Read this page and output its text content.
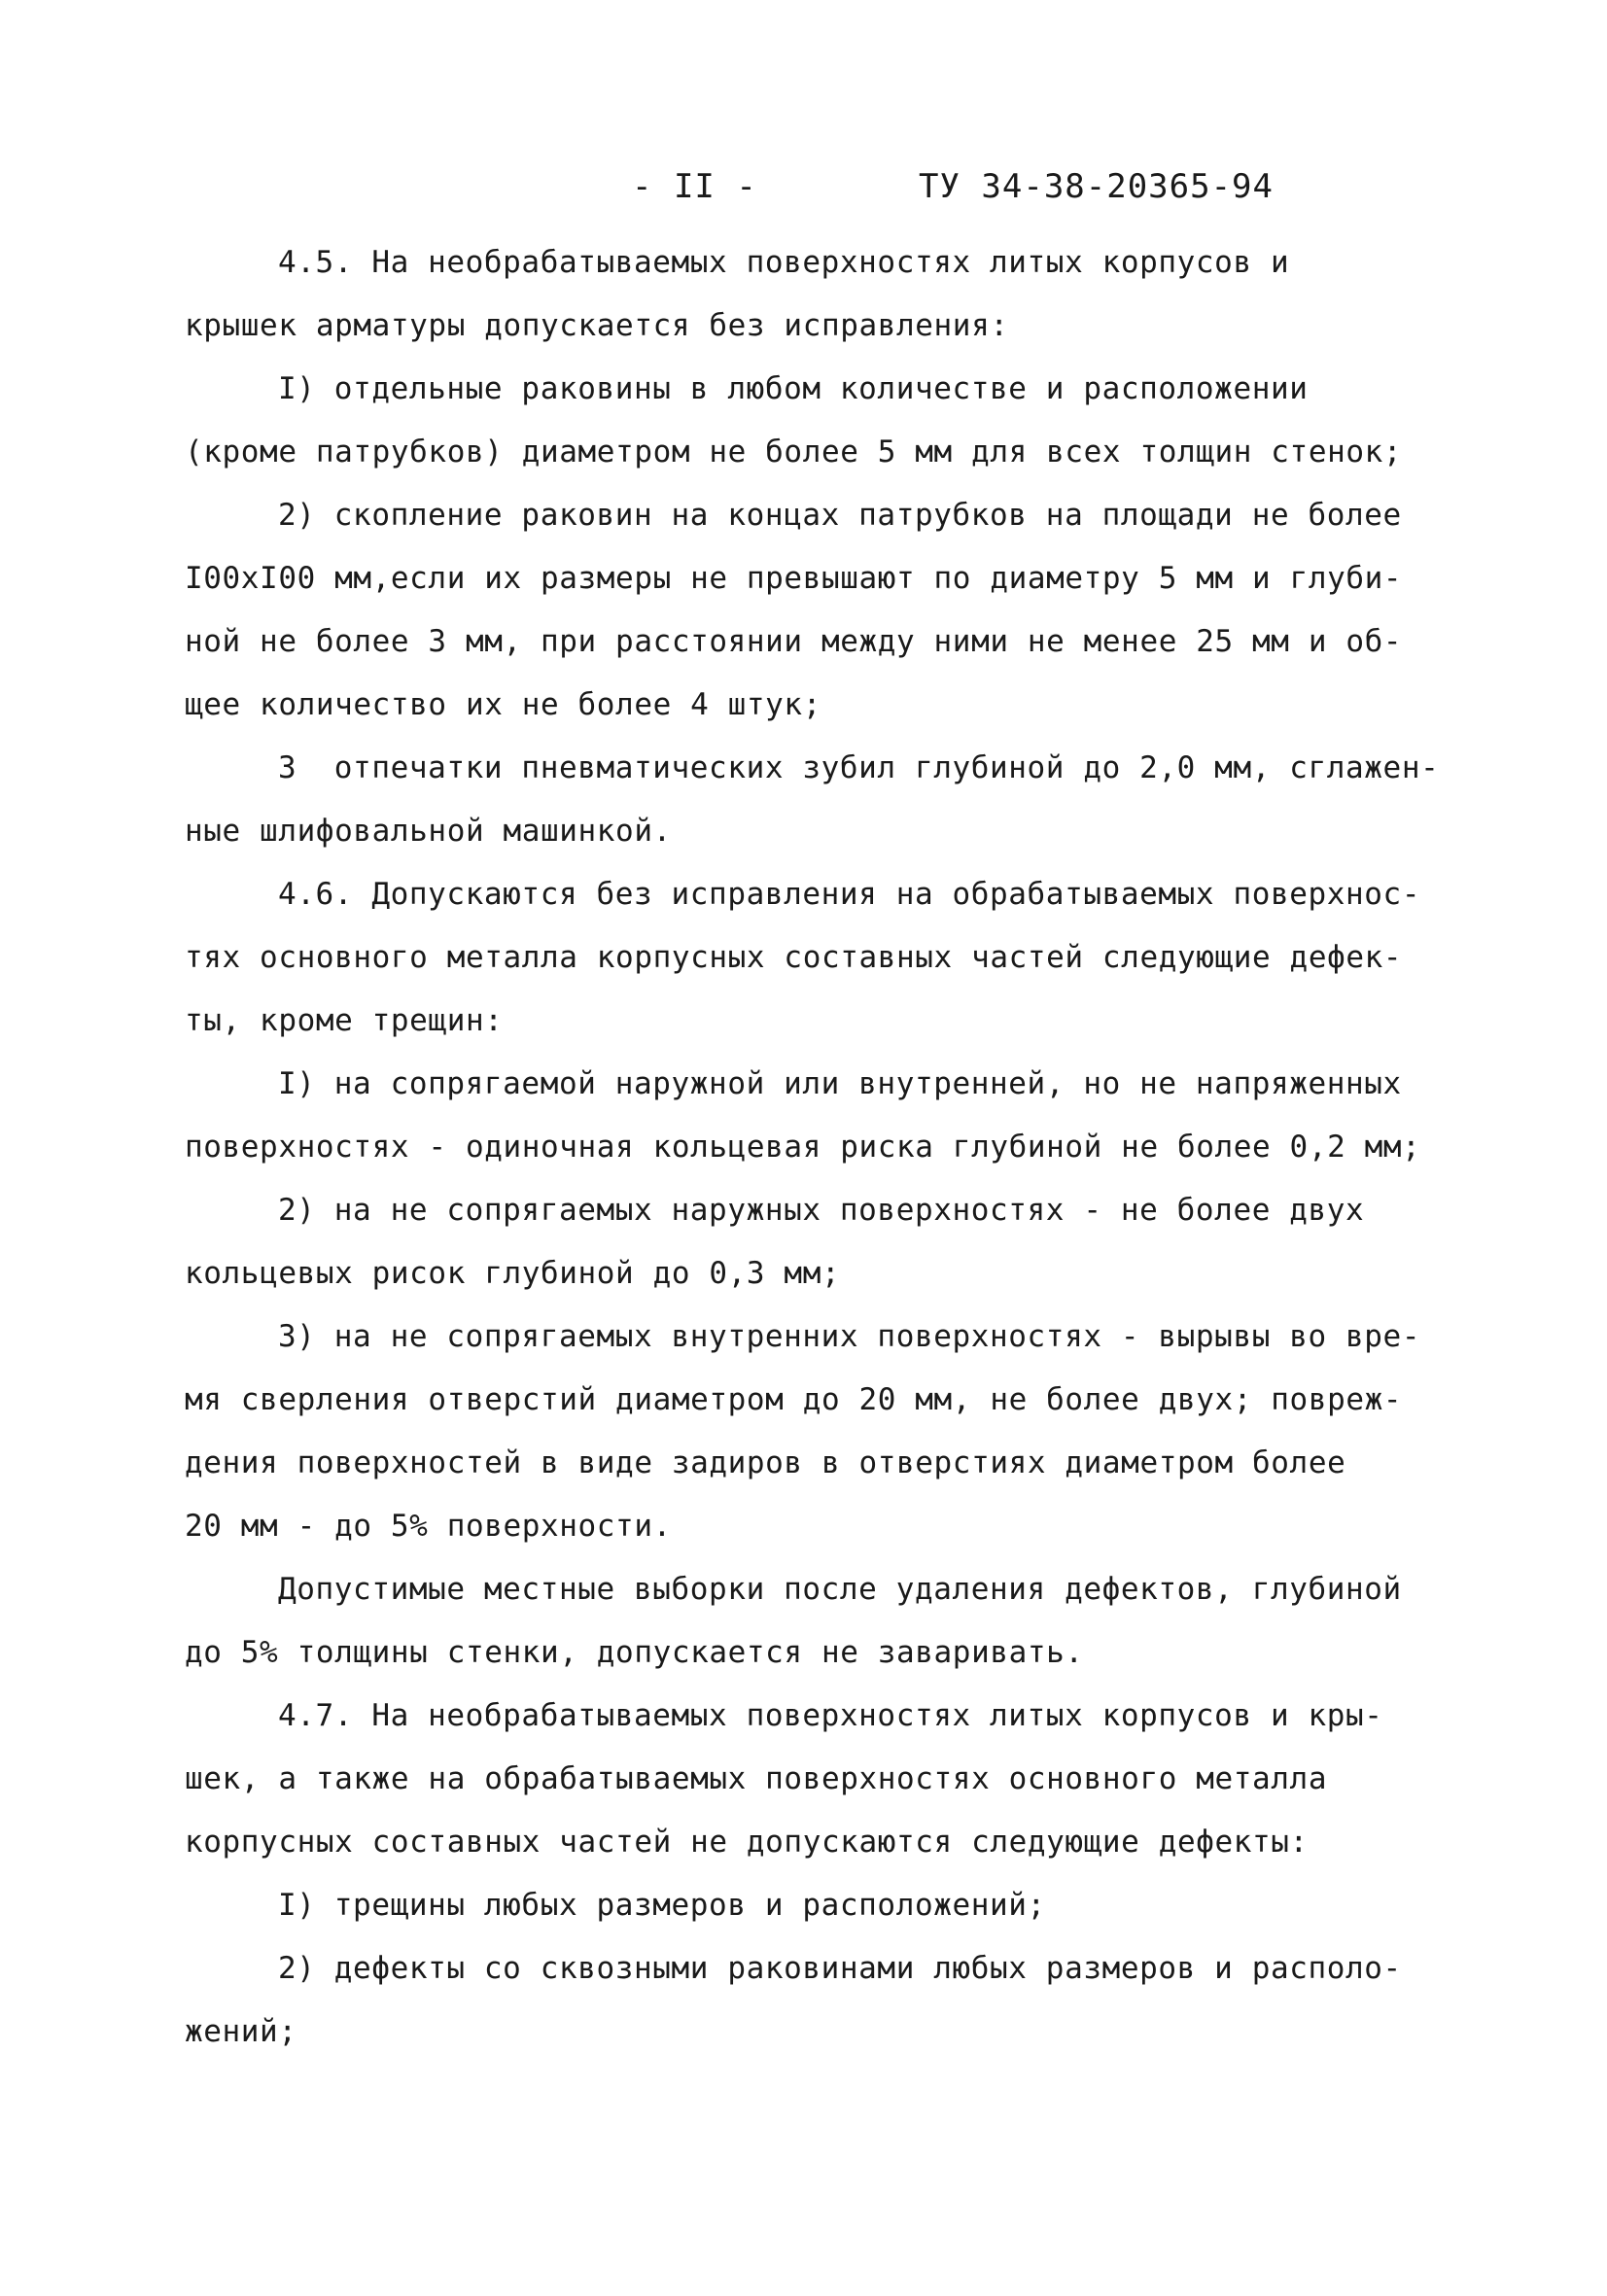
- II -	ТУ 34-38-20365-94
4.5. На необрабатываемых поверхностях литых корпусов и
крышек арматуры допускается без исправления:
I) отдельные раковины в любом количестве и расположении
(кроме патрубков) диаметром не более 5 мм для всех толщин стенок;
2) скопление раковин на концах патрубков на площади не более
I00xI00 мм,если их размеры не превышают по диаметру 5 мм и глуби-
ной не более 3 мм, при расстоянии между ними не менее 25 мм и об-
щее количество их не более 4 штук;
3  отпечатки пневматических зубил глубиной до 2,0 мм, сглажен-
ные шлифовальной машинкой.
4.6. Допускаются без исправления на обрабатываемых поверхнос-
тях основного металла корпусных составных частей следующие дефек-
ты, кроме трещин:
I) на сопрягаемой наружной или внутренней, но не напряженных
поверхностях - одиночная кольцевая риска глубиной не более 0,2 мм;
2) на не сопрягаемых наружных поверхностях - не более двух
кольцевых рисок глубиной до 0,3 мм;
3) на не сопрягаемых внутренних поверхностях - вырывы во вре-
мя сверления отверстий диаметром до 20 мм, не более двух; повреж-
дения поверхностей в виде задиров в отверстиях диаметром более
20 мм - до 5% поверхности.
Допустимые местные выборки после удаления дефектов, глубиной
до 5% толщины стенки, допускается не заваривать.
4.7. На необрабатываемых поверхностях литых корпусов и кры-
шек, а также на обрабатываемых поверхностях основного металла
корпусных составных частей не допускаются следующие дефекты:
I) трещины любых размеров и расположений;
2) дефекты со сквозными раковинами любых размеров и располо-
жений;
